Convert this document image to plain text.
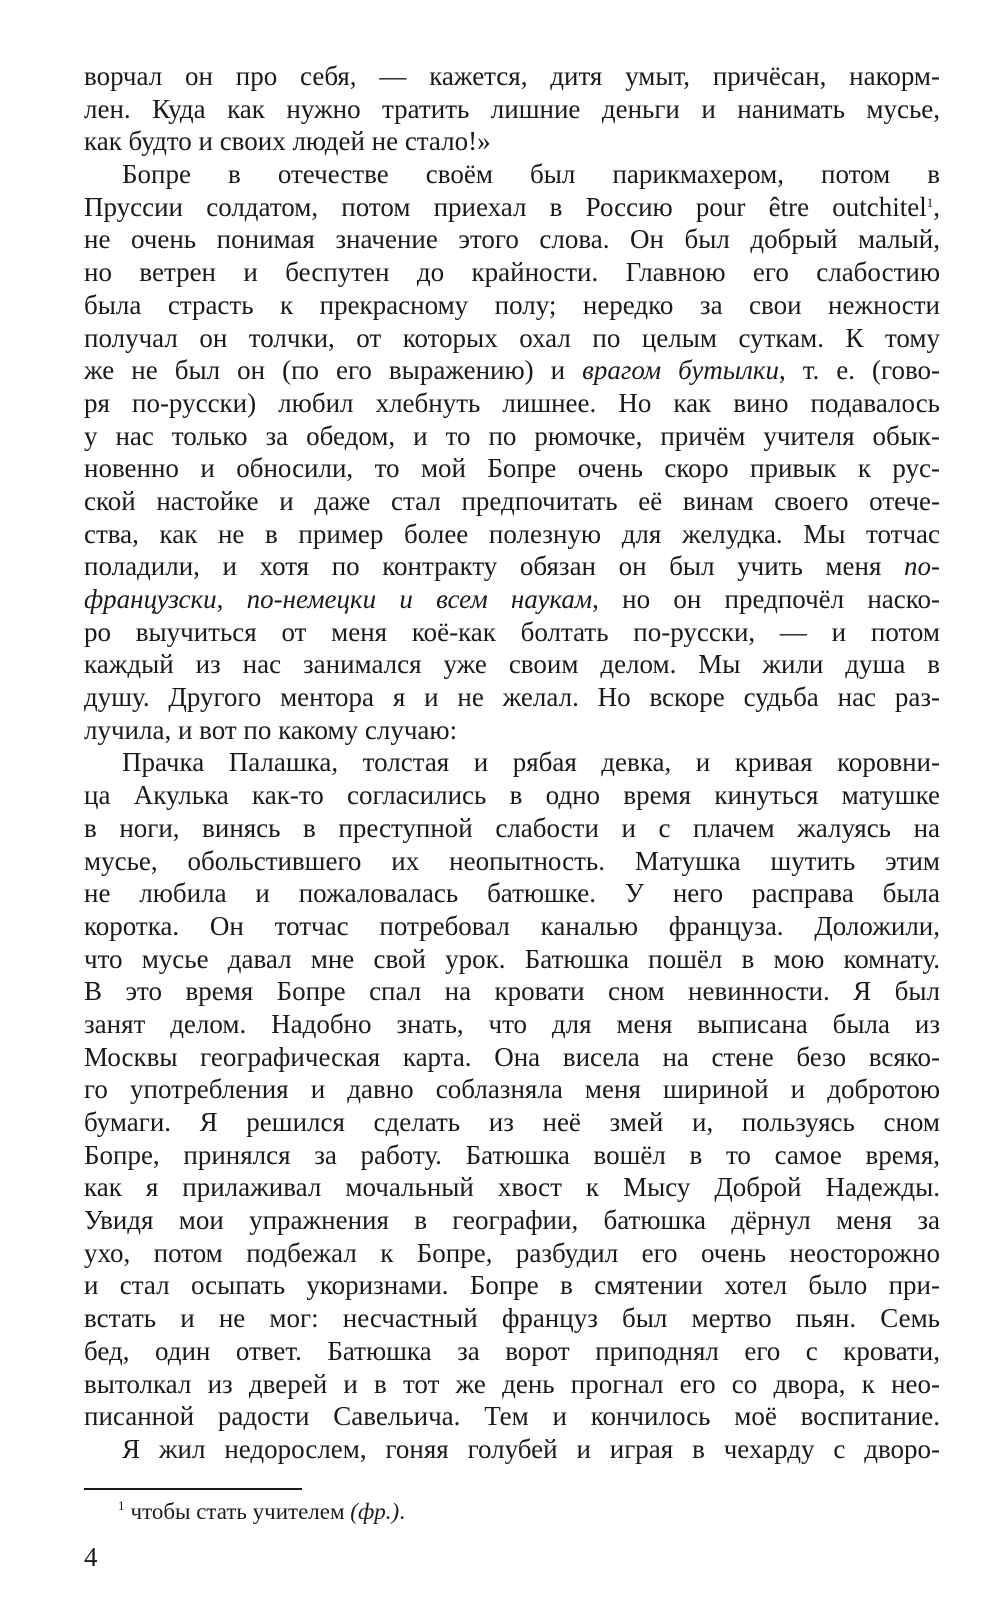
ворчал он про себя, — кажется, дитя умыт, причёсан, накорм-
лен. Куда как нужно тратить лишние деньги и нанимать мусье,
как будто и своих людей не стало!»
Бопре в отечестве своём был парикмахером, потом в
Пруссии солдатом, потом приехал в Россию pour être outchitel$^1$,
не очень понимая значение этого слова. Он был добрый малый,
но ветрен и беспутен до крайности. Главною его слабостию
была страсть к прекрасному полу; нередко за свои нежности
получал он толчки, от которых охал по целым суткам. К тому
же не был он (по его выражению) и врагом бутылки, т. е. (гово-
ря по-русски) любил хлебнуть лишнее. Но как вино подавалось
у нас только за обедом, и то по рюмочке, причём учителя обык-
новенно и обносили, то мой Бопре очень скоро привык к рус-
ской настойке и даже стал предпочитать её винам своего отече-
ства, как не в пример более полезную для желудка. Мы тотчас
поладили, и хотя по контракту обязан он был учить меня по-
французски, по-немецки и всем наукам, но он предпочёл наско-
ро выучиться от меня коё-как болтать по-русски, — и потом
каждый из нас занимался уже своим делом. Мы жили душа в
душу. Другого ментора я и не желал. Но вскоре судьба нас раз-
лучила, и вот по какому случаю:
Прачка Палашка, толстая и рябая девка, и кривая коровни-
ца Акулька как-то согласились в одно время кинуться матушке
в ноги, винясь в преступной слабости и с плачем жалуясь на
мусье, обольстившего их неопытность. Матушка шутить этим
не любила и пожаловалась батюшке. У него расправа была
коротка. Он тотчас потребовал каналью француза. Доложили,
что мусье давал мне свой урок. Батюшка пошёл в мою комнату.
В это время Бопре спал на кровати сном невинности. Я был
занят делом. Надобно знать, что для меня выписана была из
Москвы географическая карта. Она висела на стене безо всяко-
го употребления и давно соблазняла меня шириной и добротою
бумаги. Я решился сделать из неё змей и, пользуясь сном
Бопре, принялся за работу. Батюшка вошёл в то самое время,
как я прилаживал мочальный хвост к Мысу Доброй Надежды.
Увидя мои упражнения в географии, батюшка дёрнул меня за
ухо, потом подбежал к Бопре, разбудил его очень неосторожно
и стал осыпать укоризнами. Бопре в смятении хотел было при-
встать и не мог: несчастный француз был мертво пьян. Семь
бед, один ответ. Батюшка за ворот приподнял его с кровати,
вытолкал из дверей и в тот же день прогнал его со двора, к нео-
писанной радости Савельича. Тем и кончилось моё воспитание.
Я жил недорослем, гоняя голубей и играя в чехарду с дворо-
$^1$ чтобы стать учителем (фр.).
4
